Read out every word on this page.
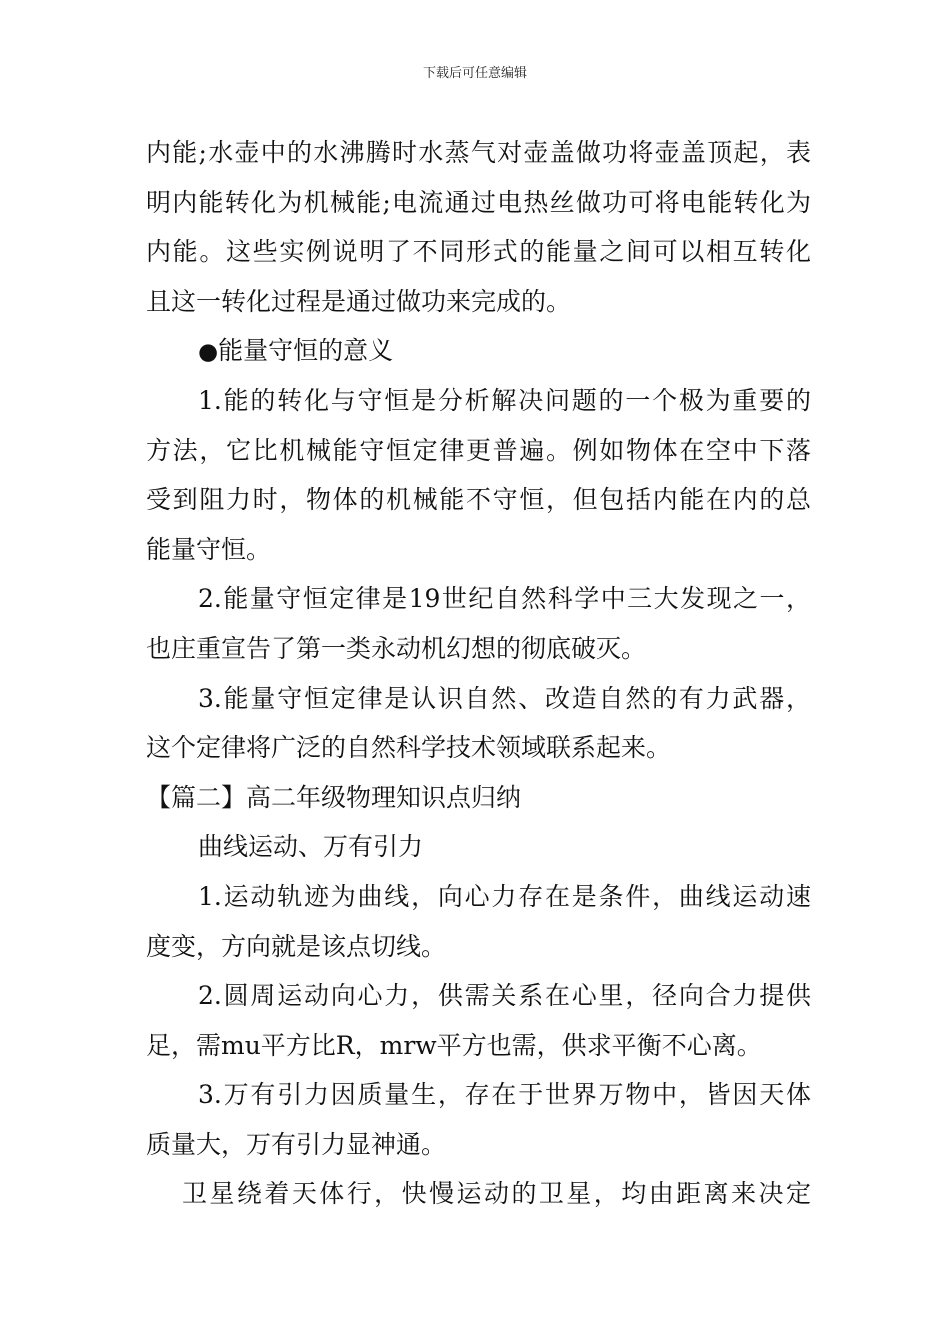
下载后可任意编辑
内能;水壶中的水沸腾时水蒸气对壶盖做功将壶盖顶起，表
明内能转化为机械能;电流通过电热丝做功可将电能转化为
内能。这些实例说明了不同形式的能量之间可以相互转化
且这一转化过程是通过做功来完成的。
●能量守恒的意义
1.能的转化与守恒是分析解决问题的一个极为重要的
方法，它比机械能守恒定律更普遍。例如物体在空中下落
受到阻力时，物体的机械能不守恒，但包括内能在内的总
能量守恒。
2.能量守恒定律是19世纪自然科学中三大发现之一，
也庄重宣告了第一类永动机幻想的彻底破灭。
3.能量守恒定律是认识自然、改造自然的有力武器，
这个定律将广泛的自然科学技术领域联系起来。
【篇二】高二年级物理知识点归纳
曲线运动、万有引力
1.运动轨迹为曲线，向心力存在是条件，曲线运动速
度变，方向就是该点切线。
2.圆周运动向心力，供需关系在心里，径向合力提供
足，需mu平方比R，mrw平方也需，供求平衡不心离。
3.万有引力因质量生，存在于世界万物中，皆因天体
质量大，万有引力显神通。
卫星绕着天体行，快慢运动的卫星，均由距离来决定
